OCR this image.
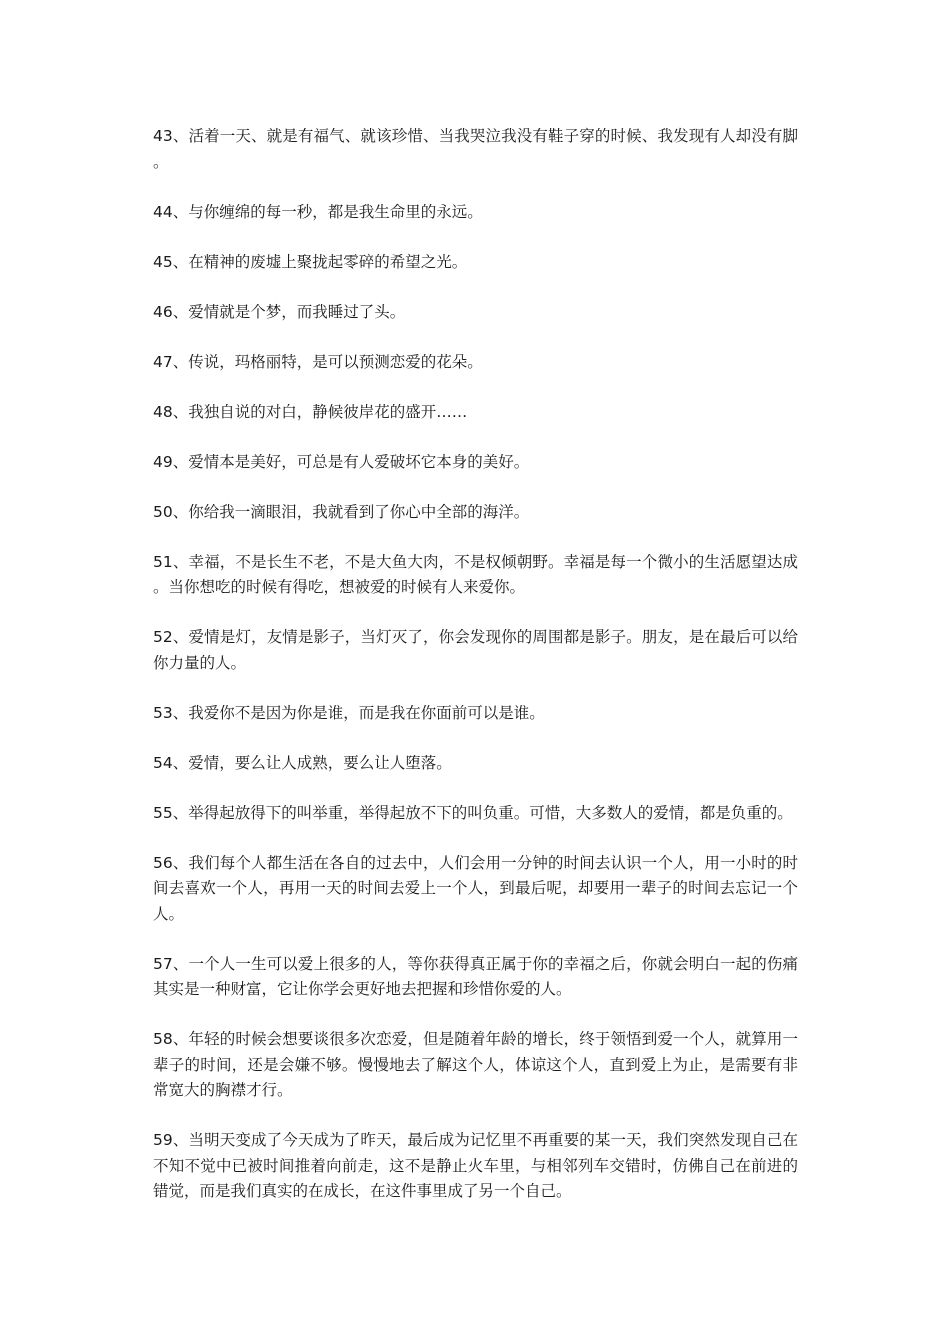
43、活着一天、就是有福气、就该珍惜、当我哭泣我没有鞋子穿的时候、我发现有人却没有脚。

44、与你缠绵的每一秒，都是我生命里的永远。

45、在精神的废墟上聚拢起零碎的希望之光。

46、爱情就是个梦，而我睡过了头。

47、传说，玛格丽特，是可以预测恋爱的花朵。

48、我独自说的对白，静候彼岸花的盛开……

49、爱情本是美好，可总是有人爱破坏它本身的美好。

50、你给我一滴眼泪，我就看到了你心中全部的海洋。

51、幸福，不是长生不老，不是大鱼大肉，不是权倾朝野。幸福是每一个微小的生活愿望达成。当你想吃的时候有得吃，想被爱的时候有人来爱你。

52、爱情是灯，友情是影子，当灯灭了，你会发现你的周围都是影子。朋友，是在最后可以给你力量的人。

53、我爱你不是因为你是谁，而是我在你面前可以是谁。

54、爱情，要么让人成熟，要么让人堕落。

55、举得起放得下的叫举重，举得起放不下的叫负重。可惜，大多数人的爱情，都是负重的。

56、我们每个人都生活在各自的过去中，人们会用一分钟的时间去认识一个人，用一小时的时间去喜欢一个人，再用一天的时间去爱上一个人，到最后呢，却要用一辈子的时间去忘记一个人。

57、一个人一生可以爱上很多的人，等你获得真正属于你的幸福之后，你就会明白一起的伤痛其实是一种财富，它让你学会更好地去把握和珍惜你爱的人。

58、年轻的时候会想要谈很多次恋爱，但是随着年龄的增长，终于领悟到爱一个人，就算用一辈子的时间，还是会嫌不够。慢慢地去了解这个人，体谅这个人，直到爱上为止，是需要有非常宽大的胸襟才行。

59、当明天变成了今天成为了昨天，最后成为记忆里不再重要的某一天，我们突然发现自己在不知不觉中已被时间推着向前走，这不是静止火车里，与相邻列车交错时，仿佛自己在前进的错觉，而是我们真实的在成长，在这件事里成了另一个自己。
